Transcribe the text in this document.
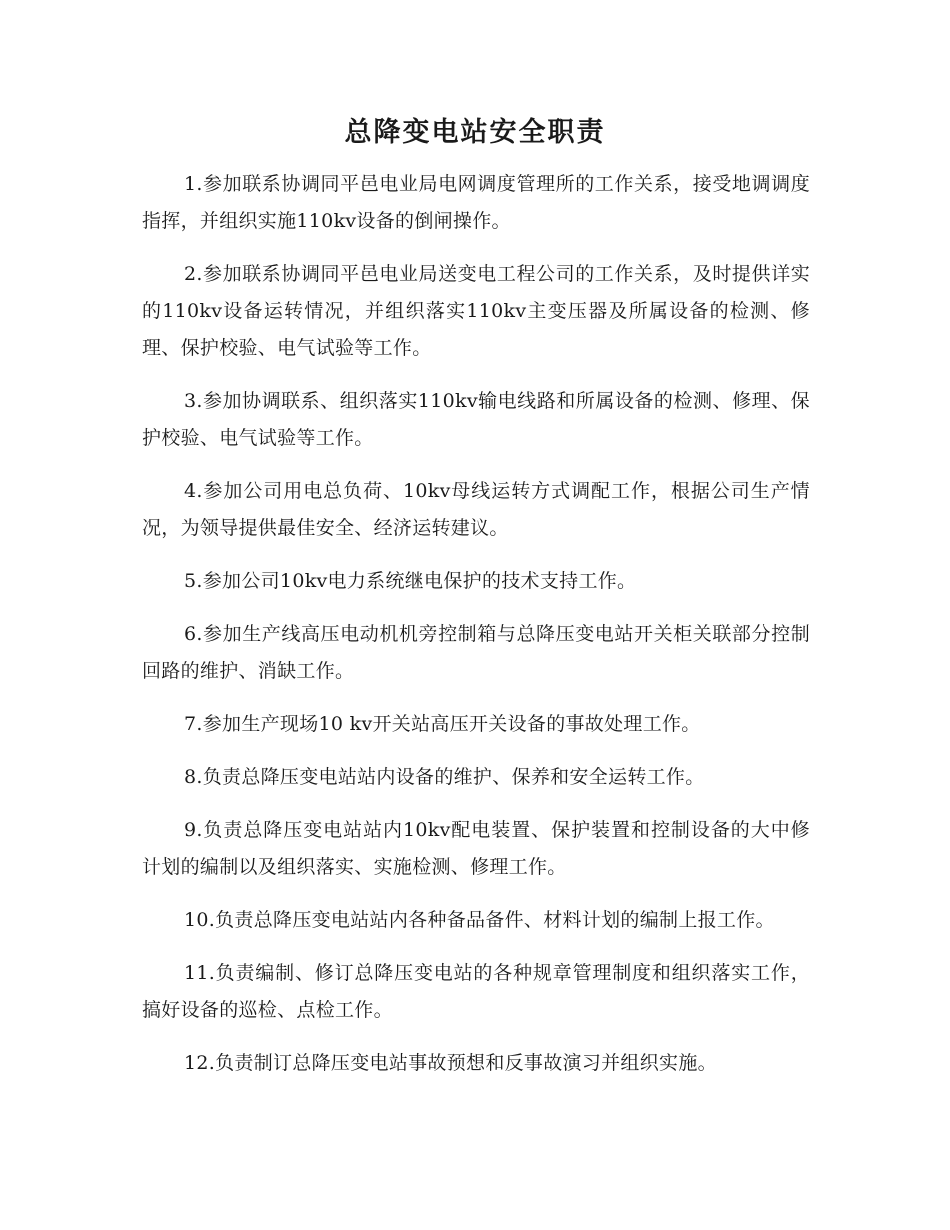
总降变电站安全职责

1.参加联系协调同平邑电业局电网调度管理所的工作关系，接受地调调度指挥，并组织实施110kv设备的倒闸操作。

2.参加联系协调同平邑电业局送变电工程公司的工作关系，及时提供详实的110kv设备运转情况，并组织落实110kv主变压器及所属设备的检测、修理、保护校验、电气试验等工作。

3.参加协调联系、组织落实110kv输电线路和所属设备的检测、修理、保护校验、电气试验等工作。

4.参加公司用电总负荷、10kv母线运转方式调配工作，根据公司生产情况，为领导提供最佳安全、经济运转建议。

5.参加公司10kv电力系统继电保护的技术支持工作。

6.参加生产线高压电动机机旁控制箱与总降压变电站开关柜关联部分控制回路的维护、消缺工作。

7.参加生产现场10 kv开关站高压开关设备的事故处理工作。

8.负责总降压变电站站内设备的维护、保养和安全运转工作。

9.负责总降压变电站站内10kv配电装置、保护装置和控制设备的大中修计划的编制以及组织落实、实施检测、修理工作。

10.负责总降压变电站站内各种备品备件、材料计划的编制上报工作。

11.负责编制、修订总降压变电站的各种规章管理制度和组织落实工作，搞好设备的巡检、点检工作。

12.负责制订总降压变电站事故预想和反事故演习并组织实施。
